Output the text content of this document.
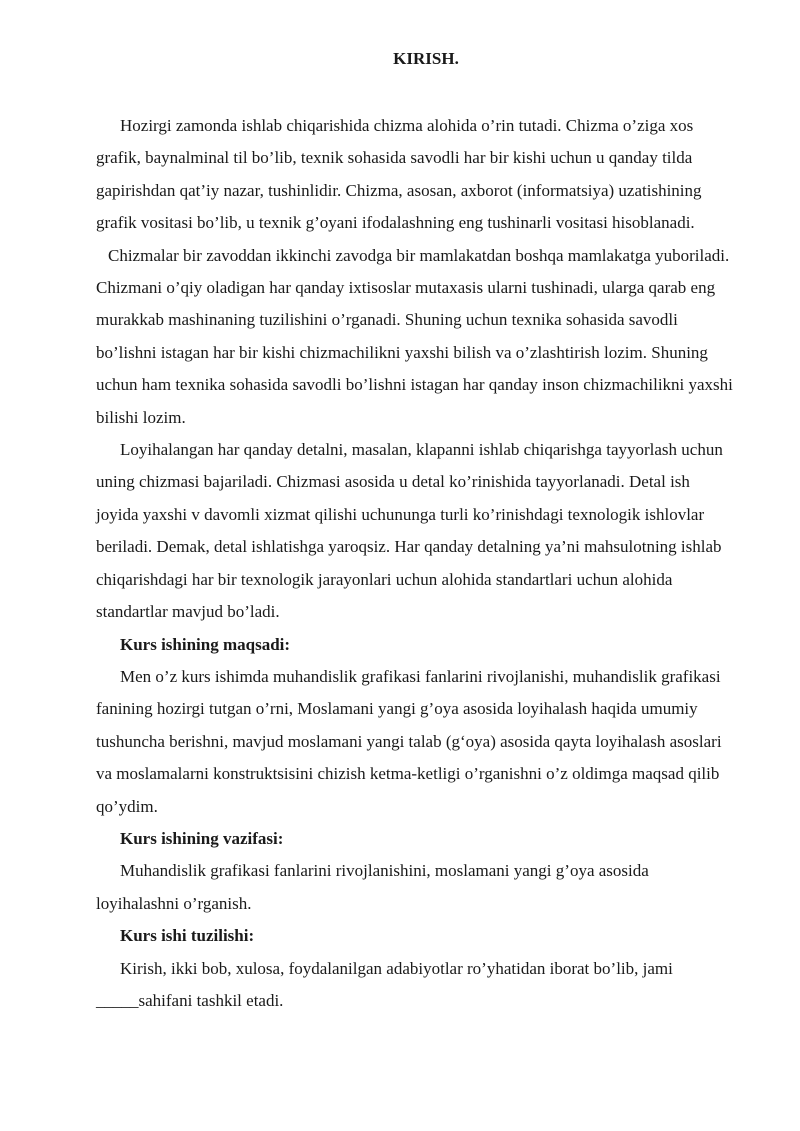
KIRISH.

Hozirgi zamonda ishlab chiqarishida chizma alohida o’rin tutadi. Chizma o’ziga xos grafik, baynalminal til bo’lib, texnik sohasida savodli har bir kishi uchun u qanday tilda gapirishdan qat’iy nazar, tushinlidir. Chizma, asosan, axborot (informatsiya) uzatishining grafik vositasi bo’lib, u texnik g’oyani ifodalashning eng tushinarli vositasi hisoblanadi.

Chizmalar bir zavoddan ikkinchi zavodga bir mamlakatdan boshqa mamlakatga yuboriladi. Chizmani o’qiy oladigan har qanday ixtisoslar mutaxasis ularni tushinadi, ularga qarab eng murakkab mashinaning tuzilishini o’rganadi. Shuning uchun texnika sohasida savodli bo’lishni istagan har bir kishi chizmachilikni yaxshi bilish va o’zlashtirish lozim. Shuning uchun ham texnika sohasida savodli bo’lishni istagan har qanday inson chizmachilikni yaxshi bilishi lozim.

Loyihalangan har qanday detalni, masalan, klapanni ishlab chiqarishga tayyorlash uchun uning chizmasi bajariladi. Chizmasi asosida u detal ko’rinishida tayyorlanadi. Detal ish joyida yaxshi v davomli xizmat qilishi uchununga turli ko’rinishdagi texnologik ishlovlar beriladi. Demak, detal ishlatishga yaroqsiz. Har qanday detalning ya’ni mahsulotning ishlab chiqarishdagi har bir texnologik jarayonlari uchun alohida standartlari uchun alohida standartlar mavjud bo’ladi.

Kurs ishining maqsadi:

Men o’z kurs ishimda muhandislik grafikasi fanlarini rivojlanishi, muhandislik grafikasi fanining hozirgi tutgan o’rni, Moslamani yangi g’oya asosida loyihalash haqida umumiy tushuncha berishni, mavjud moslamani yangi talab (g‘oya) asosida qayta loyihalash asoslari va moslamalarni konstruktsisini chizish ketma-ketligi o’rganishni o’z oldimga maqsad qilib qo’ydim.

Kurs ishining vazifasi:

Muhandislik grafikasi fanlarini rivojlanishini, moslamani yangi g’oya asosida loyihalashni o’rganish.

Kurs ishi tuzilishi:

Kirish, ikki bob, xulosa, foydalanilgan adabiyotlar ro’yhatidan iborat bo’lib, jami _____sahifani tashkil etadi.
